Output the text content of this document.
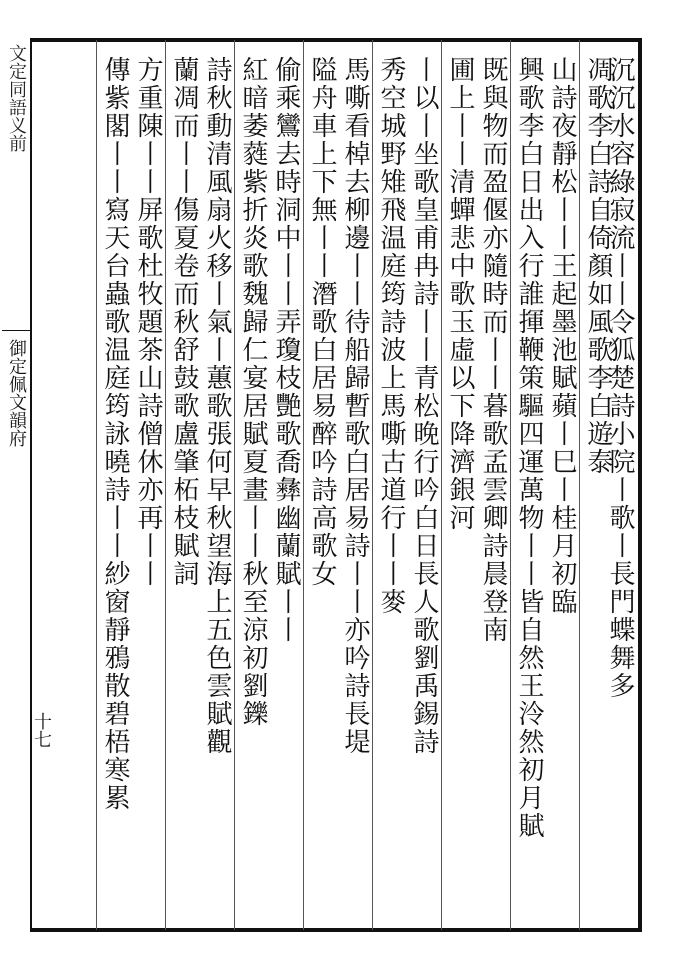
文定同語义前
御定佩文韻府
十七
沉沉水容綠寂流丨丨令狐楚詩小院丨歌丨長門蝶舞多
凋歌李白詩自倚顏如風歌李白遊泰
山詩夜靜松丨丨王起墨池賦蘋丨巳丨桂月初臨
興歌李白日出入行誰揮鞭策驅四運萬物丨丨皆自然王泠然初月賦
既與物而盈偃亦隨時而丨丨暮歌孟雲卿詩晨登南
圃上丨丨清蟬悲中歌玉虛以下降濟銀河
丨以丨坐歌皇甫冉詩丨丨青松晚行吟白日長人歌劉禹錫詩
秀空城野雉飛温庭筠詩波上馬嘶古道行丨丨麥
馬嘶看棹去柳邊丨丨待船歸暫歌白居易詩丨丨亦吟詩長堤
隘舟車上下無丨丨潛歌白居易醉吟詩高歌女
偷乘鸞去時洞中丨丨弄瓊枝艷歌喬彝幽蘭賦丨丨
紅暗萎蕤紫折炎歌魏歸仁宴居賦夏畫丨丨秋至涼初劉鑠
詩秋動清風扇火移丨氣丨蕙歌張何早秋望海上五色雲賦觀
蘭凋而丨丨傷夏卷而秋舒鼓歌盧肇柘枝賦詞
方重陳丨丨屏歌杜牧題茶山詩僧休亦再丨丨
傳紫閣丨丨寫天台蟲歌温庭筠詠曉詩丨丨紗窗靜鴉散碧梧寒累
